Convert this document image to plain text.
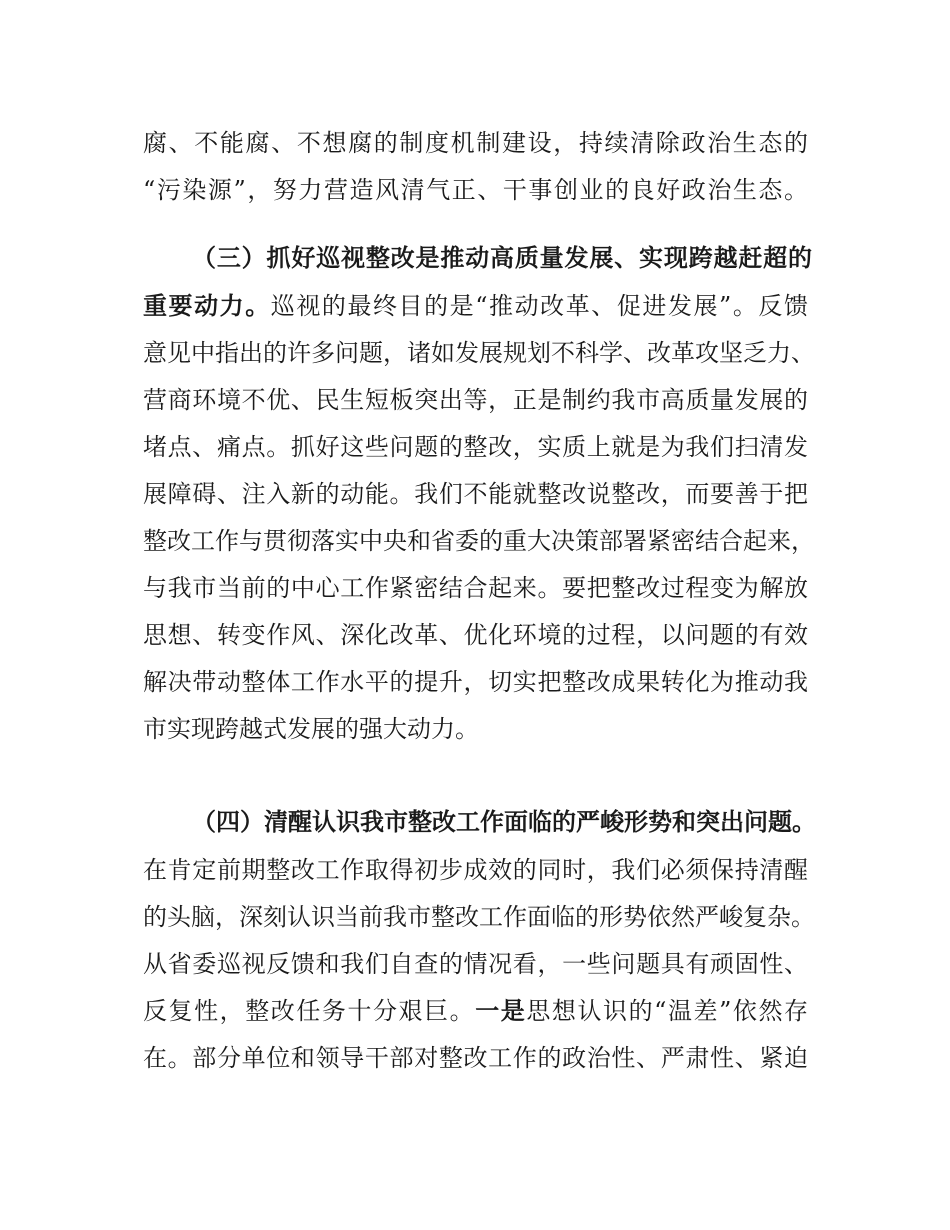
腐、不能腐、不想腐的制度机制建设，持续清除政治生态的
“污染源”，努力营造风清气正、干事创业的良好政治生态。
（三）抓好巡视整改是推动高质量发展、实现跨越赶超的
重要动力。巡视的最终目的是“推动改革、促进发展”。反馈
意见中指出的许多问题，诸如发展规划不科学、改革攻坚乏力、
营商环境不优、民生短板突出等，正是制约我市高质量发展的
堵点、痛点。抓好这些问题的整改，实质上就是为我们扫清发
展障碍、注入新的动能。我们不能就整改说整改，而要善于把
整改工作与贯彻落实中央和省委的重大决策部署紧密结合起来，
与我市当前的中心工作紧密结合起来。要把整改过程变为解放
思想、转变作风、深化改革、优化环境的过程，以问题的有效
解决带动整体工作水平的提升，切实把整改成果转化为推动我
市实现跨越式发展的强大动力。
（四）清醒认识我市整改工作面临的严峻形势和突出问题。
在肯定前期整改工作取得初步成效的同时，我们必须保持清醒
的头脑，深刻认识当前我市整改工作面临的形势依然严峻复杂。
从省委巡视反馈和我们自查的情况看，一些问题具有顽固性、
反复性，整改任务十分艰巨。一是思想认识的“温差”依然存
在。部分单位和领导干部对整改工作的政治性、严肃性、紧迫
